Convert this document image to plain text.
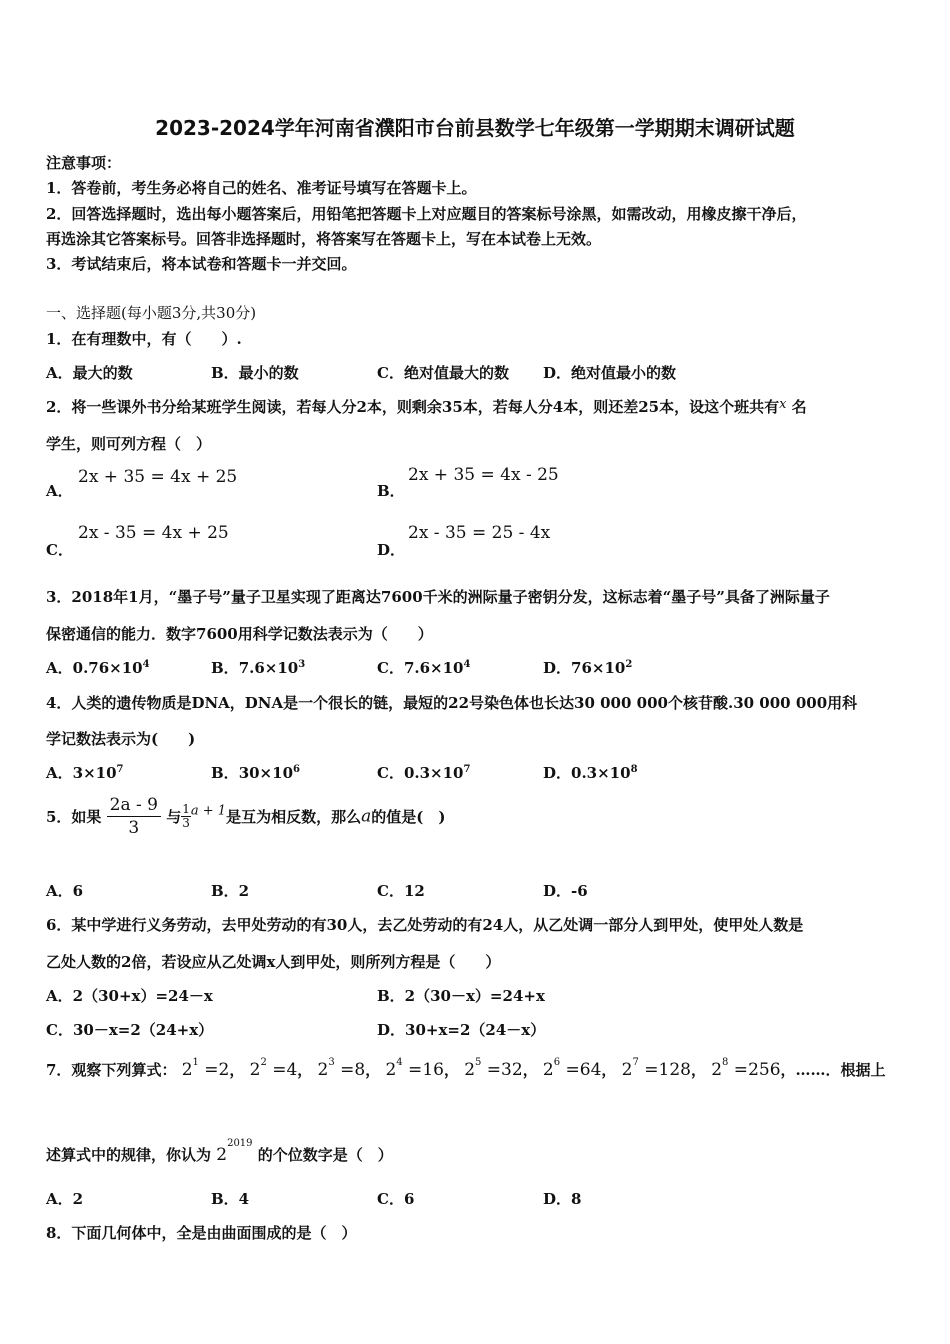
2023-2024学年河南省濮阳市台前县数学七年级第一学期期末调研试题
注意事项：
1．答卷前，考生务必将自己的姓名、准考证号填写在答题卡上。
2．回答选择题时，选出每小题答案后，用铅笔把答题卡上对应题目的答案标号涂黑，如需改动，用橡皮擦干净后，
再选涂其它答案标号。回答非选择题时，将答案写在答题卡上，写在本试卷上无效。
3．考试结束后，将本试卷和答题卡一并交回。
一、选择题(每小题3分,共30分)
1．在有理数中，有（　　）.
A．最大的数	B．最小的数	C．绝对值最大的数 D．绝对值最小的数
2．将一些课外书分给某班学生阅读，若每人分2本，则剩余35本，若每人分4本，则还差25本，设这个班共有x 名
学生，则可列方程（　）
A．
2x + 35 = 4x + 25
B．
2x + 35 = 4x - 25
C．
2x - 35 = 4x + 25
D．
2x - 35 = 25 - 4x
3．2018年1月，“墨子号”量子卫星实现了距离达7600千米的洲际量子密钥分发，这标志着“墨子号”具备了洲际量子
保密通信的能力．数字7600用科学记数法表示为（　　）
A．$0.76\times 10^4$	B．$7.6\times 10^3$	C．$7.6\times 10^4$	D．$76\times 10^2$
4．人类的遗传物质是DNA，DNA是一个很长的链，最短的22号染色体也长达30 000 000个核苷酸.30 000 000用科
学记数法表示为(　　)
A．$3\times 10^7$	B．$30\times 10^6$	C．$0.3\times 10^7$	D．$0.3\times 10^8$
5．如果 $\frac{2a - 9}{3}$ 与 $\frac{1}{3}$ a + 1是互为相反数，那么a的值是(　)
A．6	B．2	C．12	D．-6
6．某中学进行义务劳动，去甲处劳动的有30人，去乙处劳动的有24人，从乙处调一部分人到甲处，使甲处人数是
乙处人数的2倍，若设应从乙处调x人到甲处，则所列方程是（　　）
A．2（30+x）=24－x	B．2（30－x）=24+x
C．30－x=2（24+x）	D．30+x=2（24－x）
7．观察下列算式： $2^1 =2$， $2^2 =4$， $2^3 =8$， $2^4 =16$， $2^5 =32$， $2^6 =64$， $2^7 =128$， $2^8 =256$，……．根据上
述算式中的规律，你认为 $2^{2019}$ 的个位数字是（　）
A．2	B．4	C．6	D．8
8．下面几何体中，全是由曲面围成的是（　）
